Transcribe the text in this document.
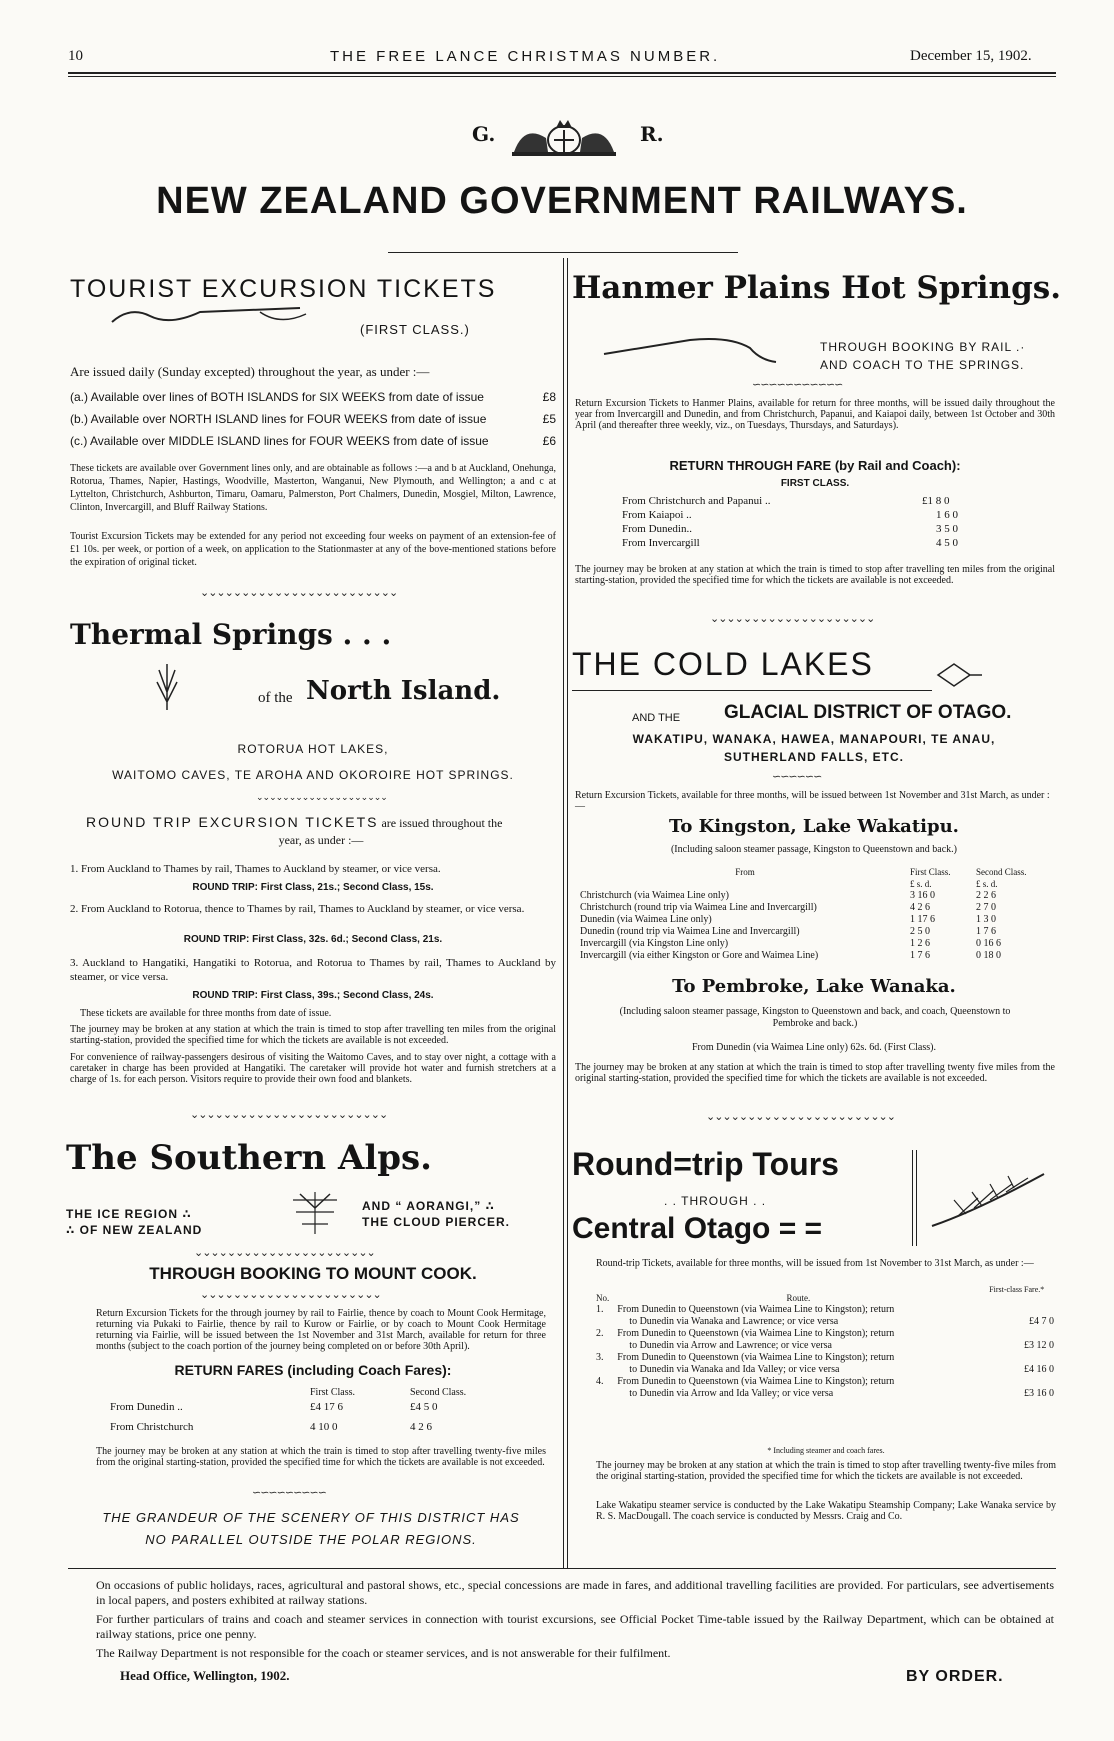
10	THE FREE LANCE CHRISTMAS NUMBER.	December 15, 1902.
G.	R.
NEW ZEALAND GOVERNMENT RAILWAYS.
TOURIST EXCURSION TICKETS
(FIRST CLASS.)

Are issued daily (Sunday excepted) throughout the year, as under :—

(a.) Available over lines of BOTH ISLANDS for SIX WEEKS from date of issue	£8
(b.) Available over NORTH ISLAND lines for FOUR WEEKS from date of issue	£5
(c.) Available over MIDDLE ISLAND lines for FOUR WEEKS from date of issue	£6

These tickets are available over Government lines only, and are obtainable as follows :—a and b at Auckland, Onehunga, Rotorua, Thames, Napier, Hastings, Woodville, Masterton, Wanganui, New Plymouth, and Wellington; a and c at Lyttelton, Christchurch, Ashburton, Timaru, Oamaru, Palmerston, Port Chalmers, Dunedin, Mosgiel, Milton, Lawrence, Clinton, Invercargill, and Bluff Railway Stations.

Tourist Excursion Tickets may be extended for any period not exceeding four weeks on payment of an extension-fee of £1 10s. per week, or portion of a week, on application to the Stationmaster at any of the bove-mentioned stations before the expiration of original ticket.

⌄⌄⌄⌄⌄⌄⌄⌄⌄⌄⌄⌄⌄⌄⌄⌄⌄⌄⌄⌄⌄⌄⌄⌄
Thermal Springs . . .
of the North Island.
ROTORUA HOT LAKES,
WAITOMO CAVES, TE AROHA AND OKOROIRE HOT SPRINGS.
⌄⌄⌄⌄⌄⌄⌄⌄⌄⌄⌄⌄⌄⌄⌄⌄⌄⌄⌄⌄
ROUND TRIP EXCURSION TICKETS are issued throughout the
year, as under :—

1. From Auckland to Thames by rail, Thames to Auckland by steamer, or vice versa.

ROUND TRIP: First Class, 21s.; Second Class, 15s.

2. From Auckland to Rotorua, thence to Thames by rail, Thames to Auckland by steamer, or vice versa.

ROUND TRIP: First Class, 32s. 6d.; Second Class, 21s.

3. Auckland to Hangatiki, Hangatiki to Rotorua, and Rotorua to Thames by rail, Thames to Auckland by steamer, or vice versa.

ROUND TRIP: First Class, 39s.; Second Class, 24s.

These tickets are available for three months from date of issue.

The journey may be broken at any station at which the train is timed to stop after travelling ten miles from the original starting-station, provided the specified time for which the tickets are available is not exceeded.

For convenience of railway-passengers desirous of visiting the Waitomo Caves, and to stay over night, a cottage with a caretaker in charge has been provided at Hangatiki. The caretaker will provide hot water and furnish stretchers at a charge of 1s. for each person. Visitors require to provide their own food and blankets.

⌄⌄⌄⌄⌄⌄⌄⌄⌄⌄⌄⌄⌄⌄⌄⌄⌄⌄⌄⌄⌄⌄⌄⌄
The Southern Alps.
THE ICE REGION ∴
∴ OF NEW ZEALAND
AND “ AORANGI,” ∴
THE CLOUD PIERCER.
⌄⌄⌄⌄⌄⌄⌄⌄⌄⌄⌄⌄⌄⌄⌄⌄⌄⌄⌄⌄⌄⌄
THROUGH BOOKING TO MOUNT COOK.
⌄⌄⌄⌄⌄⌄⌄⌄⌄⌄⌄⌄⌄⌄⌄⌄⌄⌄⌄⌄⌄⌄

Return Excursion Tickets for the through journey by rail to Fairlie, thence by coach to Mount Cook Hermitage, returning via Pukaki to Fairlie, thence by rail to Kurow or Fairlie, or by coach to Mount Cook Hermitage returning via Fairlie, will be issued between the 1st November and 31st March, available for return for three months (subject to the coach portion of the journey being completed on or before 30th April).

RETURN FARES (including Coach Fares):
	First Class.	Second Class.
From Dunedin ..	£4 17 6	£4 5 0
From Christchurch	4 10 0	4 2 6

The journey may be broken at any station at which the train is timed to stop after travelling twenty-five miles from the original starting-station, provided the specified time for which the tickets are available is not exceeded.

∽∽∽∽∽∽∽∽∽
THE GRANDEUR OF THE SCENERY OF THIS DISTRICT HAS
NO PARALLEL OUTSIDE THE POLAR REGIONS.
Hanmer Plains Hot Springs.
THROUGH BOOKING BY RAIL .·
AND COACH TO THE SPRINGS.
∽∽∽∽∽∽∽∽∽∽∽

Return Excursion Tickets to Hanmer Plains, available for return for three months, will be issued daily throughout the year from Invercargill and Dunedin, and from Christchurch, Papanui, and Kaiapoi daily, between 1st October and 30th April (and thereafter three weekly, viz., on Tuesdays, Thursdays, and Saturdays).

RETURN THROUGH FARE (by Rail and Coach):
FIRST CLASS.
From Christchurch and Papanui ..	£1 8 0
From Kaiapoi ..	1 6 0
From Dunedin..	3 5 0
From Invercargill	4 5 0

The journey may be broken at any station at which the train is timed to stop after travelling ten miles from the original starting-station, provided the specified time for which the tickets are available is not exceeded.

⌄⌄⌄⌄⌄⌄⌄⌄⌄⌄⌄⌄⌄⌄⌄⌄⌄⌄⌄⌄
THE COLD LAKES
AND THE GLACIAL DISTRICT OF OTAGO.
WAKATIPU, WANAKA, HAWEA, MANAPOURI, TE ANAU,
SUTHERLAND FALLS, ETC.
∽∽∽∽∽∽

Return Excursion Tickets, available for three months, will be issued between 1st November and 31st March, as under :—

To Kingston, Lake Wakatipu.

(Including saloon steamer passage, Kingston to Queenstown and back.)

From	First Class.	Second Class.
	£ s. d.	£ s. d.
Christchurch (via Waimea Line only)	3 16 0	2 2 6
Christchurch (round trip via Waimea Line and Invercargill)	4 2 6	2 7 0
Dunedin (via Waimea Line only)	1 17 6	1 3 0
Dunedin (round trip via Waimea Line and Invercargill)	2 5 0	1 7 6
Invercargill (via Kingston Line only)	1 2 6	0 16 6
Invercargill (via either Kingston or Gore and Waimea Line)	1 7 6	0 18 0
To Pembroke, Lake Wanaka.

(Including saloon steamer passage, Kingston to Queenstown and back, and coach, Queenstown to Pembroke and back.)

From Dunedin (via Waimea Line only) 62s. 6d. (First Class).

The journey may be broken at any station at which the train is timed to stop after travelling twenty five miles from the original starting-station, provided the specified time for which the tickets are available is not exceeded.

⌄⌄⌄⌄⌄⌄⌄⌄⌄⌄⌄⌄⌄⌄⌄⌄⌄⌄⌄⌄⌄⌄⌄
Round=trip Tours
. . THROUGH . .
Central Otago = =

Round-trip Tickets, available for three months, will be issued from 1st November to 31st March, as under :—

No.	Route.	First-class Fare.*
1.	From Dunedin to Queenstown (via Waimea Line to Kingston); return
to Dunedin via Wanaka and Lawrence; or vice versa	£4 7 0
2.	From Dunedin to Queenstown (via Waimea Line to Kingston); return
to Dunedin via Arrow and Lawrence; or vice versa	£3 12 0
3.	From Dunedin to Queenstown (via Waimea Line to Kingston); return
to Dunedin via Wanaka and Ida Valley; or vice versa	£4 16 0
4.	From Dunedin to Queenstown (via Waimea Line to Kingston); return
to Dunedin via Arrow and Ida Valley; or vice versa	£3 16 0

* Including steamer and coach fares.

The journey may be broken at any station at which the train is timed to stop after travelling twenty-five miles from the original starting-station, provided the specified time for which the tickets are available is not exceeded.

Lake Wakatipu steamer service is conducted by the Lake Wakatipu Steamship Company; Lake Wanaka service by R. S. MacDougall. The coach service is conducted by Messrs. Craig and Co.

On occasions of public holidays, races, agricultural and pastoral shows, etc., special concessions are made in fares, and additional travelling facilities are provided. For particulars, see advertisements in local papers, and posters exhibited at railway stations.

For further particulars of trains and coach and steamer services in connection with tourist excursions, see Official Pocket Time-table issued by the Railway Department, which can be obtained at railway stations, price one penny.

The Railway Department is not responsible for the coach or steamer services, and is not answerable for their fulfilment.

Head Office, Wellington, 1902.	BY ORDER.
